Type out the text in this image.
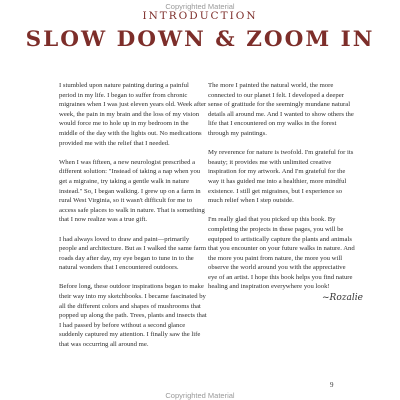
Copyrighted Material
INTRODUCTION
SLOW DOWN & ZOOM IN

I stumbled upon nature painting during a painful period in my life. I began to suffer from chronic migraines when I was just eleven years old. Week after week, the pain in my brain and the loss of my vision would force me to hole up in my bedroom in the middle of the day with the lights out. No medications provided me with the relief that I needed.

When I was fifteen, a new neurologist prescribed a different solution: "Instead of taking a nap when you get a migraine, try taking a gentle walk in nature instead." So, I began walking. I grew up on a farm in rural West Virginia, so it wasn't difficult for me to access safe places to walk in nature. That is something that I now realize was a true gift.

I had always loved to draw and paint—primarily people and architecture. But as I walked the same farm roads day after day, my eye began to tune in to the natural wonders that I encountered outdoors.

Before long, these outdoor inspirations began to make their way into my sketchbooks. I became fascinated by all the different colors and shapes of mushrooms that popped up along the path. Trees, plants and insects that I had passed by before without a second glance suddenly captured my attention. I finally saw the life that was occurring all around me.

The more I painted the natural world, the more connected to our planet I felt. I developed a deeper sense of gratitude for the seemingly mundane natural details all around me. And I wanted to show others the life that I encountered on my walks in the forest through my paintings.

My reverence for nature is twofold. I'm grateful for its beauty; it provides me with unlimited creative inspiration for my artwork. And I'm grateful for the way it has guided me into a healthier, more mindful existence. I still get migraines, but I experience so much relief when I step outside.

I'm really glad that you picked up this book. By completing the projects in these pages, you will be equipped to artistically capture the plants and animals that you encounter on your future walks in nature. And the more you paint from nature, the more you will observe the world around you with the appreciative eye of an artist. I hope this book helps you find nature healing and inspiration everywhere you look!

~Rozalie
9
Copyrighted Material
